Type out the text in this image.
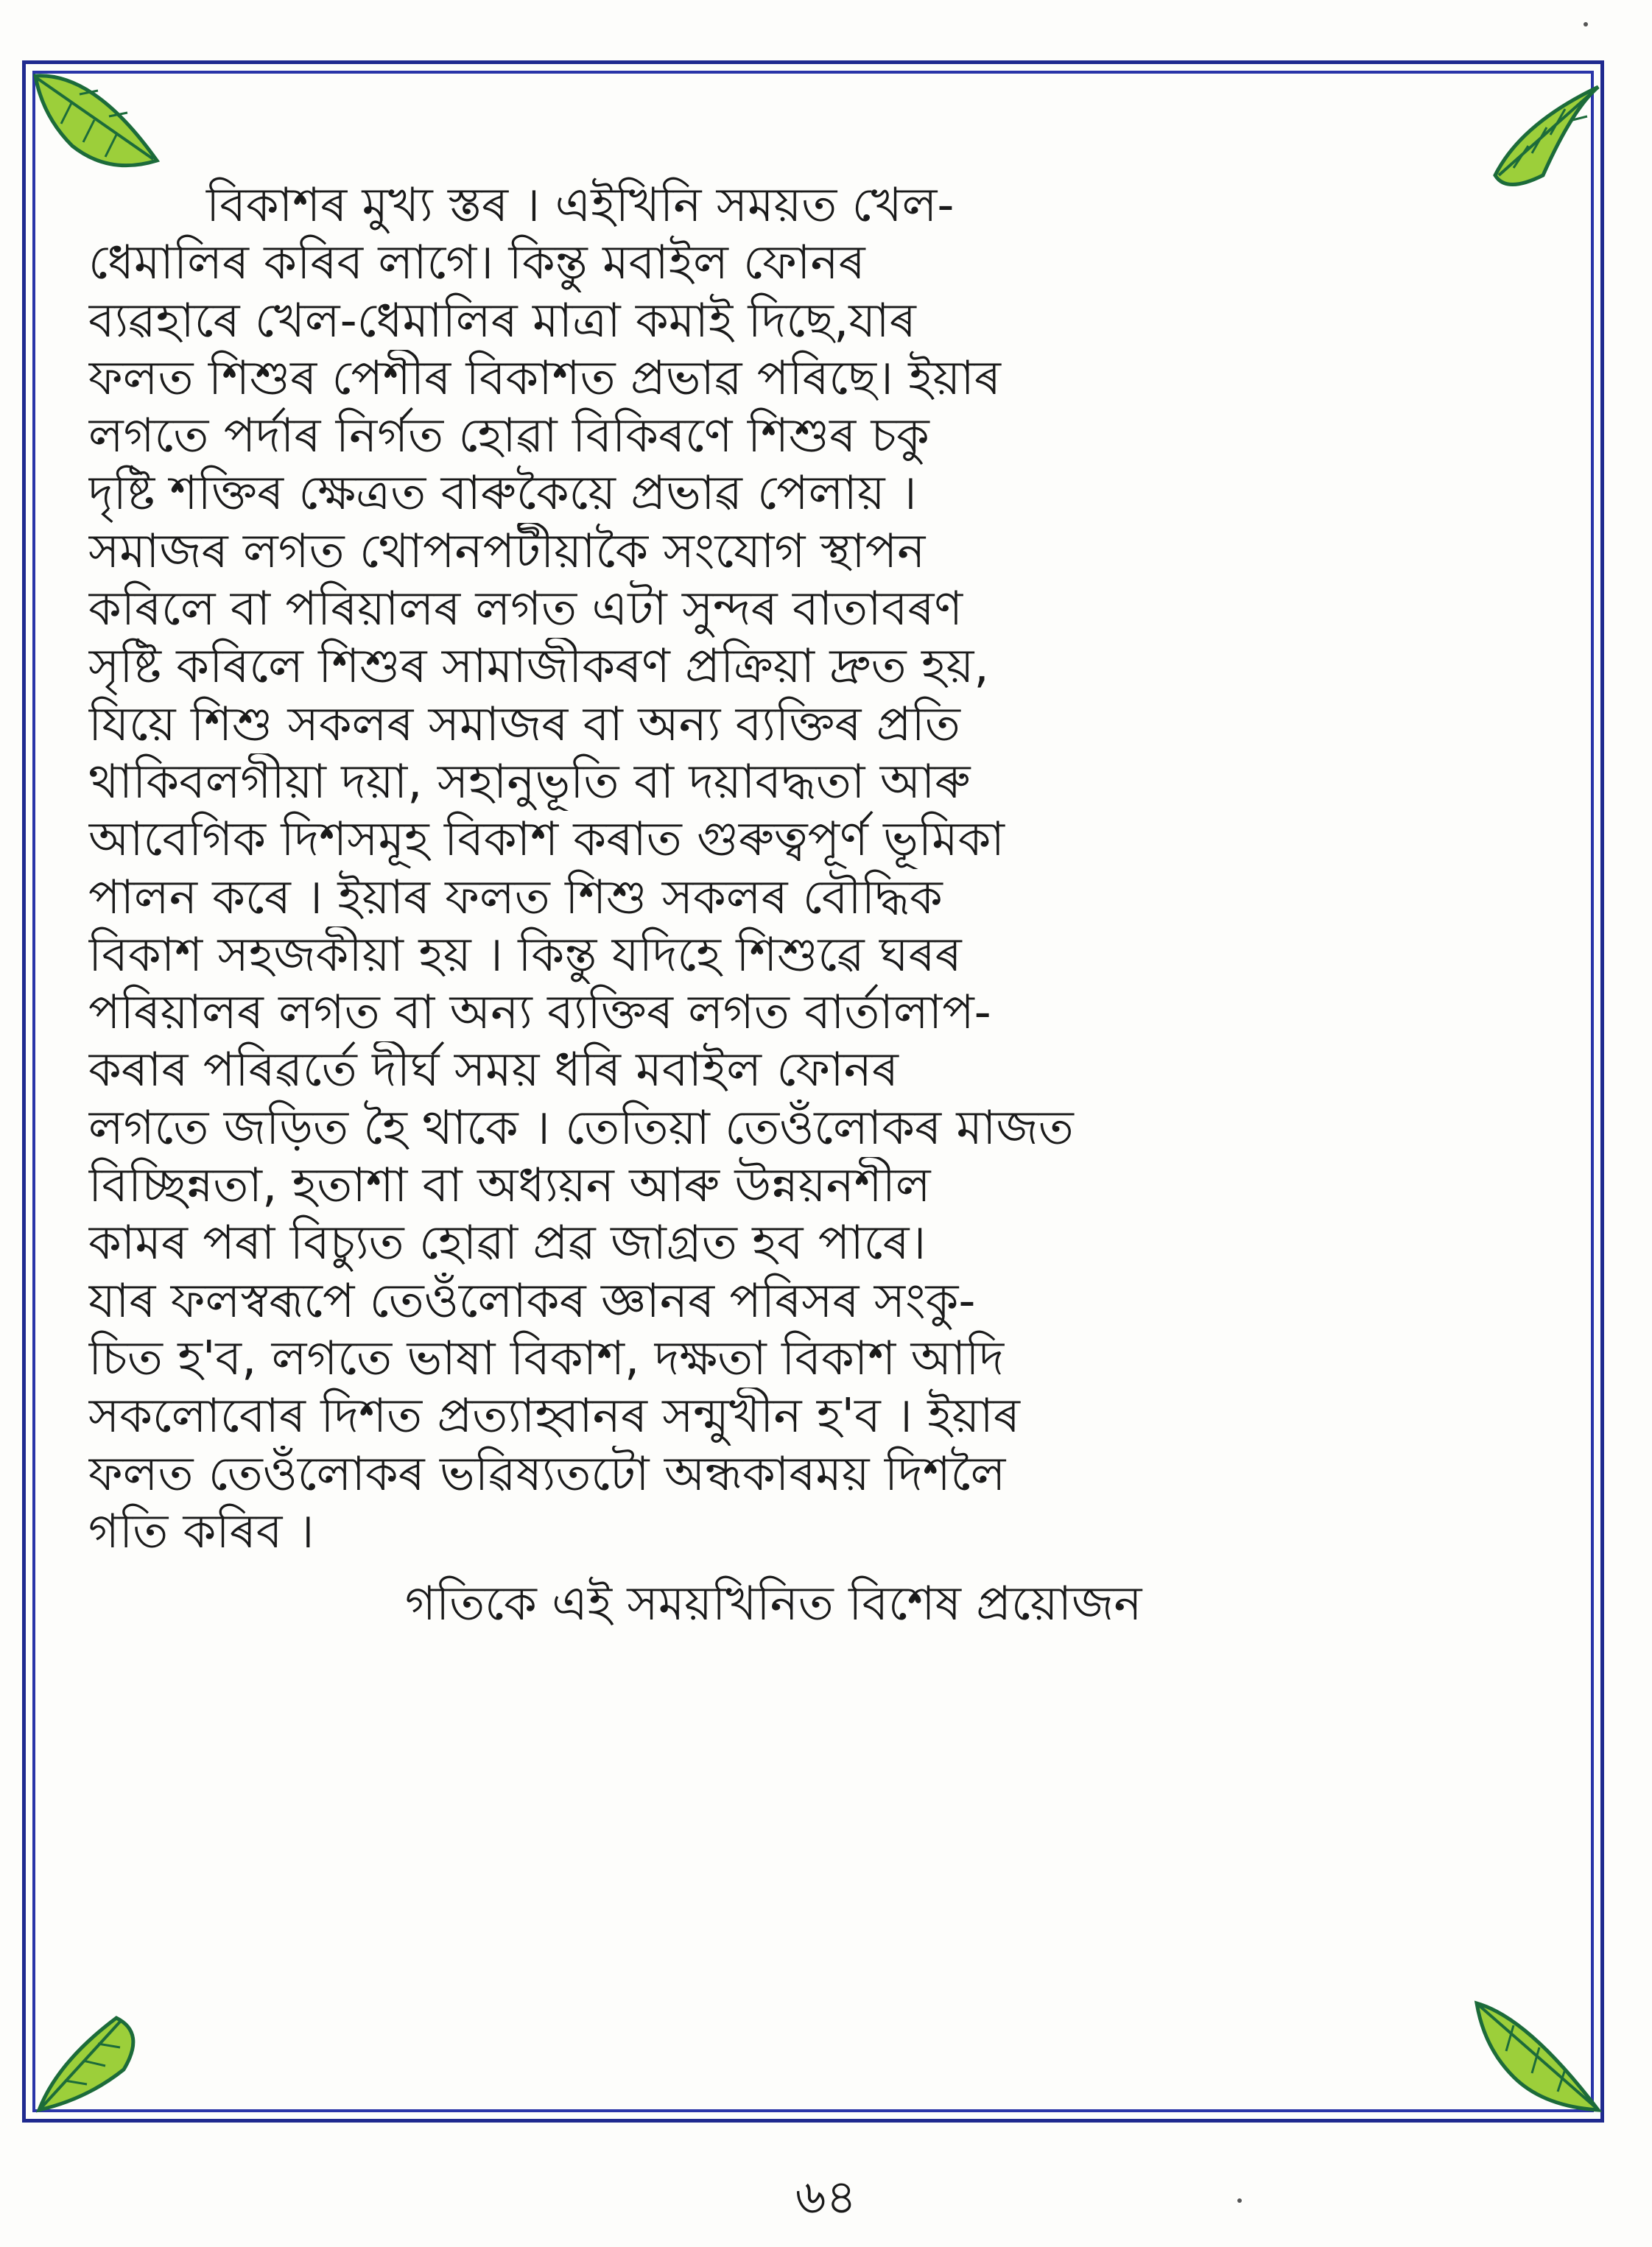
বিকাশৰ মুখ্য স্তৰ । এইখিনি সময়ত খেল-
ধেমালিৰ কৰিব লাগে। কিন্তু মবাইল ফোনৰ
ব্যৱহাৰে খেল-ধেমালিৰ মাত্ৰা কমাই দিছে,যাৰ
ফলত শিশুৰ পেশীৰ বিকাশত প্ৰভাৱ পৰিছে। ইয়াৰ
লগতে পৰ্দাৰ নিৰ্গত হোৱা বিকিৰণে শিশুৰ চকু
দৃষ্টি শক্তিৰ ক্ষেত্ৰত বাৰুকৈয়ে প্ৰভাৱ পেলায় ।
সমাজৰ লগত থোপনপটীয়াকৈ সংযোগ স্থাপন
কৰিলে বা পৰিয়ালৰ লগত এটা সুন্দৰ বাতাবৰণ
সৃষ্টি কৰিলে শিশুৰ সামাজীকৰণ প্ৰক্ৰিয়া দ্ৰুত হয়,
যিয়ে শিশু সকলৰ সমাজৰ বা অন্য ব্যক্তিৰ প্ৰতি
থাকিবলগীয়া দয়া, সহানুভূতি বা দয়াবদ্ধতা আৰু
আবেগিক দিশসমূহ বিকাশ কৰাত গুৰুত্বপূৰ্ণ ভূমিকা
পালন কৰে । ইয়াৰ ফলত শিশু সকলৰ বৌদ্ধিক
বিকাশ সহজকীয়া হয় । কিন্তু যদিহে শিশুৱে ঘৰৰ
পৰিয়ালৰ লগত বা অন্য ব্যক্তিৰ লগত বাৰ্তালাপ-
কৰাৰ পৰিৱৰ্তে দীৰ্ঘ সময় ধৰি মবাইল ফোনৰ
লগতে জড়িত হৈ থাকে । তেতিয়া তেওঁলোকৰ মাজত
বিচ্ছিন্নতা, হতাশা বা অধ্যয়ন আৰু উন্নয়নশীল
কামৰ পৰা বিচ্যুত হোৱা প্ৰৱ জাগ্ৰত হব পাৰে।
যাৰ ফলস্বৰূপে তেওঁলোকৰ জ্ঞানৰ পৰিসৰ সংকু-
চিত হ'ব, লগতে ভাষা বিকাশ, দক্ষতা বিকাশ আদি
সকলোবোৰ দিশত প্ৰত্যাহ্বানৰ সন্মুখীন হ'ব । ইয়াৰ
ফলত তেওঁলোকৰ ভৱিষ্যতটো অন্ধকাৰময় দিশলৈ
গতি কৰিব ।
গতিকে এই সময়খিনিত বিশেষ প্ৰয়োজন
৬৪
